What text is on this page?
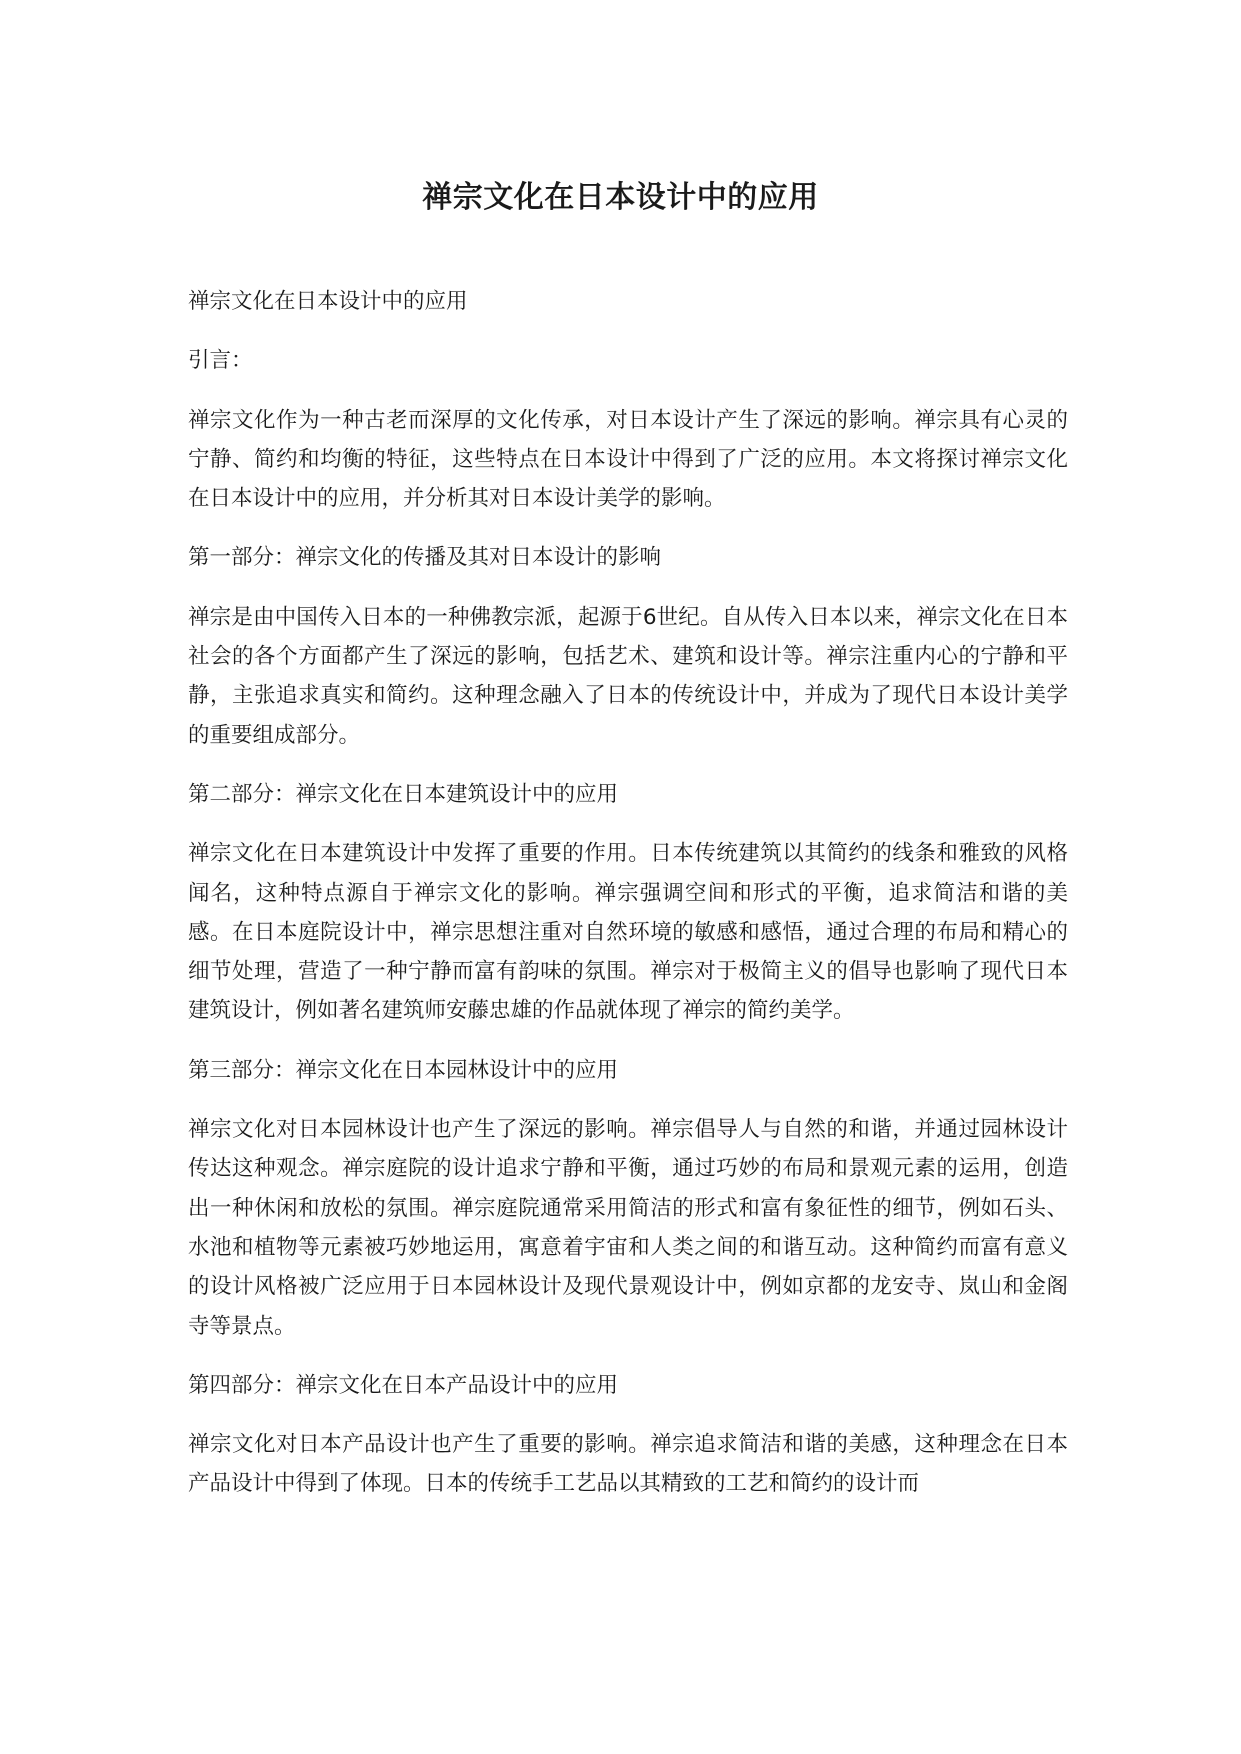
禅宗文化在日本设计中的应用

禅宗文化在日本设计中的应用

引言：

禅宗文化作为一种古老而深厚的文化传承，对日本设计产生了深远的影响。禅宗具有心灵的宁静、简约和均衡的特征，这些特点在日本设计中得到了广泛的应用。本文将探讨禅宗文化在日本设计中的应用，并分析其对日本设计美学的影响。

第一部分：禅宗文化的传播及其对日本设计的影响

禅宗是由中国传入日本的一种佛教宗派，起源于6世纪。自从传入日本以来，禅宗文化在日本社会的各个方面都产生了深远的影响，包括艺术、建筑和设计等。禅宗注重内心的宁静和平静，主张追求真实和简约。这种理念融入了日本的传统设计中，并成为了现代日本设计美学的重要组成部分。

第二部分：禅宗文化在日本建筑设计中的应用

禅宗文化在日本建筑设计中发挥了重要的作用。日本传统建筑以其简约的线条和雅致的风格闻名，这种特点源自于禅宗文化的影响。禅宗强调空间和形式的平衡，追求简洁和谐的美感。在日本庭院设计中，禅宗思想注重对自然环境的敏感和感悟，通过合理的布局和精心的细节处理，营造了一种宁静而富有韵味的氛围。禅宗对于极简主义的倡导也影响了现代日本建筑设计，例如著名建筑师安藤忠雄的作品就体现了禅宗的简约美学。

第三部分：禅宗文化在日本园林设计中的应用

禅宗文化对日本园林设计也产生了深远的影响。禅宗倡导人与自然的和谐，并通过园林设计传达这种观念。禅宗庭院的设计追求宁静和平衡，通过巧妙的布局和景观元素的运用，创造出一种休闲和放松的氛围。禅宗庭院通常采用简洁的形式和富有象征性的细节，例如石头、水池和植物等元素被巧妙地运用，寓意着宇宙和人类之间的和谐互动。这种简约而富有意义的设计风格被广泛应用于日本园林设计及现代景观设计中，例如京都的龙安寺、岚山和金阁寺等景点。

第四部分：禅宗文化在日本产品设计中的应用

禅宗文化对日本产品设计也产生了重要的影响。禅宗追求简洁和谐的美感，这种理念在日本产品设计中得到了体现。日本的传统手工艺品以其精致的工艺和简约的设计而
